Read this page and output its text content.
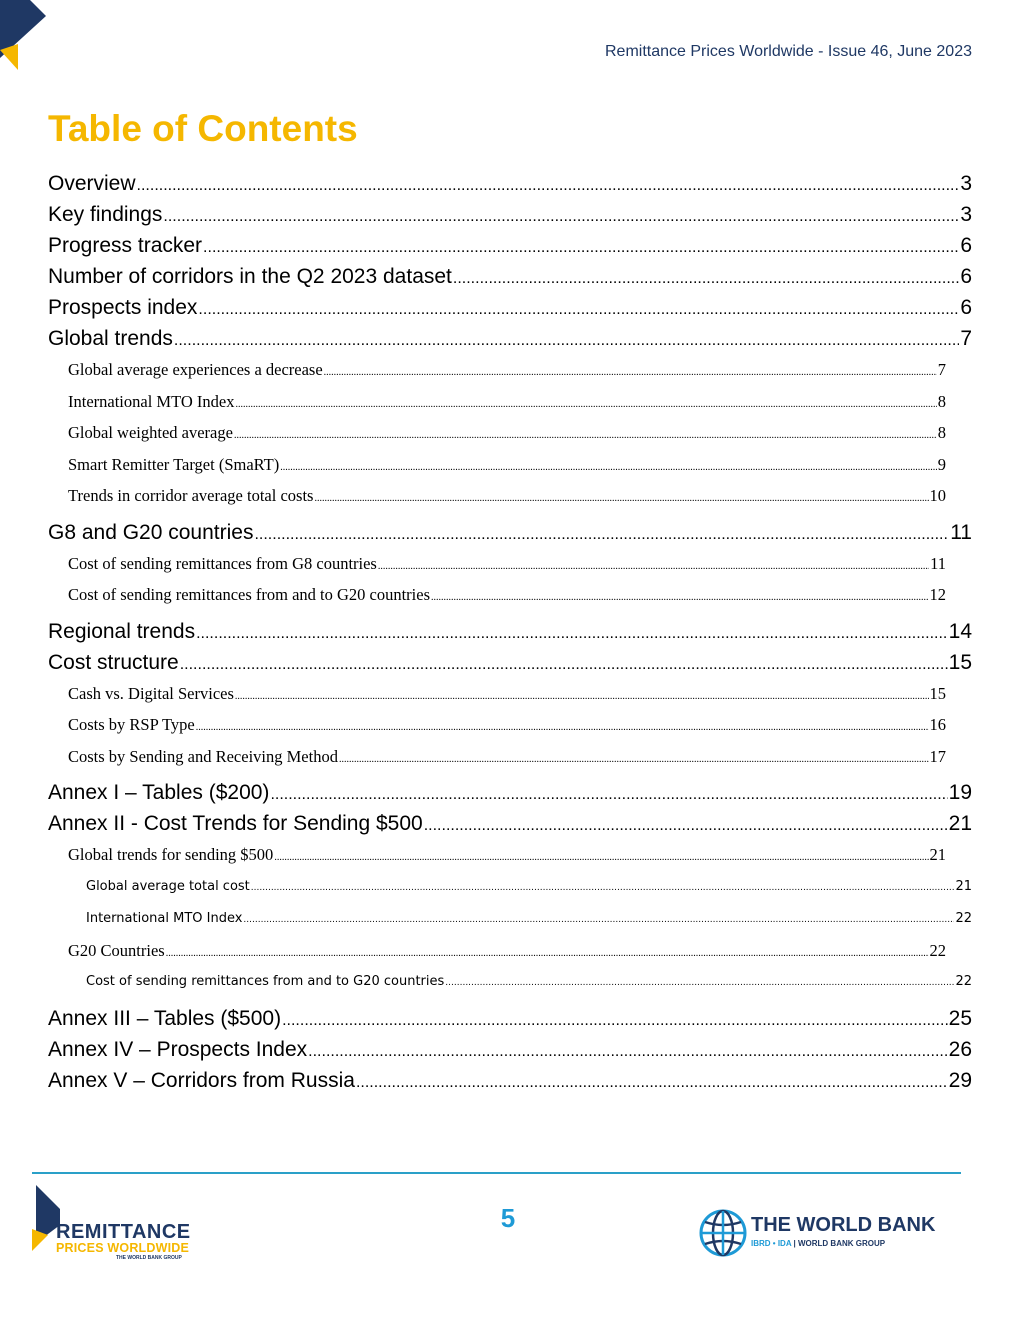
Remittance Prices Worldwide - Issue 46, June 2023
Table of Contents
Overview .....	3
Key findings .....	3
Progress tracker .....	6
Number of corridors in the Q2 2023 dataset .....	6
Prospects index .....	6
Global trends .....	7
Global average experiences a decrease .....	7
International MTO Index .....	8
Global weighted average .....	8
Smart Remitter Target (SmaRT) .....	9
Trends in corridor average total costs .....	10
G8 and G20 countries .....	11
Cost of sending remittances from G8 countries .....	11
Cost of sending remittances from and to G20 countries .....	12
Regional trends .....	14
Cost structure .....	15
Cash vs. Digital Services .....	15
Costs by RSP Type .....	16
Costs by Sending and Receiving Method .....	17
Annex I – Tables ($200) .....	19
Annex II - Cost Trends for Sending $500 .....	21
Global trends for sending $500 .....	21
Global average total cost .....	21
International MTO Index .....	22
G20 Countries .....	22
Cost of sending remittances from and to G20 countries .....	22
Annex III – Tables ($500) .....	25
Annex IV – Prospects Index .....	26
Annex V – Corridors from Russia .....	29
REMITTANCE
PRICES WORLDWIDE
THE WORLD BANK GROUP
5	THE WORLD BANK
IBRD • IDA | WORLD BANK GROUP
